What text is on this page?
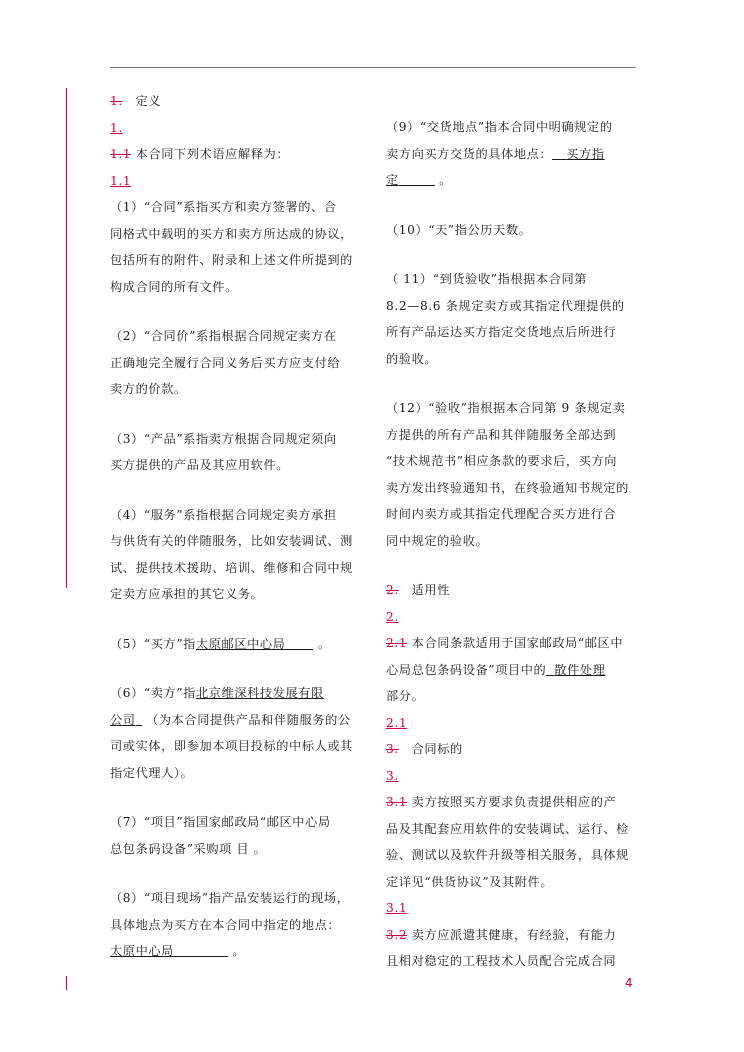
1.　 定义

1.

1.1 本合同下列术语应解释为：

1.1

（1）“合同”系指买方和卖方签署的、合

同格式中载明的买方和卖方所达成的协议，

包括所有的附件、附录和上述文件所提到的

构成合同的所有文件。

（2）“合同价”系指根据合同规定卖方在

正确地完全履行合同义务后买方应支付给

卖方的价款。

（3）“产品”系指卖方根据合同规定须向

买方提供的产品及其应用软件。

（4）“服务”系指根据合同规定卖方承担

与供货有关的伴随服务，比如安装调试、测

试、提供技术援助、培训、维修和合同中规

定卖方应承担的其它义务。

（5）“买方”指太原邮区中心局	。

（6）“卖方”指北京维深科技发展有限

公司 （为本合同提供产品和伴随服务的公

司或实体，即参加本项目投标的中标人或其

指定代理人）。

（7）“项目”指国家邮政局“邮区中心局

总包条码设备”采购项 目 。

（8）“项目现场”指产品安装运行的现场，

具体地点为买方在本合同中指定的地点：

太原中心局	。

（9）“交货地点”指本合同中明确规定的

卖方向买方交货的具体地点： 买方指

定	。

（10）“天”指公历天数。

（ 11）“到货验收”指根据本合同第

8.2—8.6 条规定卖方或其指定代理提供的

所有产品运达买方指定交货地点后所进行

的验收。

（12）“验收”指根据本合同第 9 条规定卖

方提供的所有产品和其伴随服务全部达到

“技术规范书”相应条款的要求后，买方向

卖方发出终验通知书，在终验通知书规定的

时间内卖方或其指定代理配合买方进行合

同中规定的验收。

2.　 适用性

2.

2.1 本合同条款适用于国家邮政局“邮区中

心局总包条码设备”项目中的 散件处理

部分。

2.1

3.　 合同标的

3.

3.1 卖方按照买方要求负责提供相应的产

品及其配套应用软件的安装调试、运行、检

验、测试以及软件升级等相关服务，具体规

定详见“供货协议”及其附件。

3.1

3.2 卖方应派遣其健康，有经验，有能力

且相对稳定的工程技术人员配合完成合同

4
